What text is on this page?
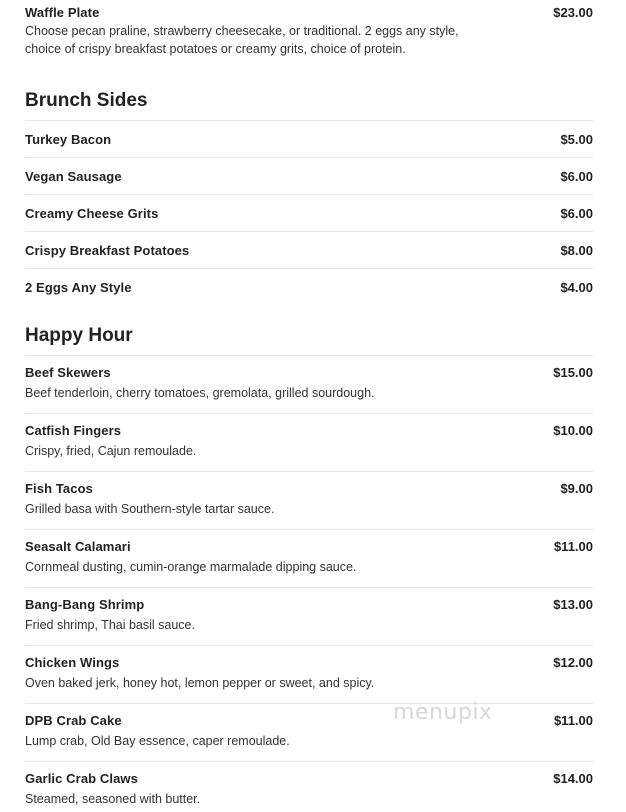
Waffle Plate	$23.00
Choose pecan praline, strawberry cheesecake, or traditional. 2 eggs any style, choice of crispy breakfast potatoes or creamy grits, choice of protein.
Brunch Sides
Turkey Bacon	$5.00
Vegan Sausage	$6.00
Creamy Cheese Grits	$6.00
Crispy Breakfast Potatoes	$8.00
2 Eggs Any Style	$4.00
Happy Hour
Beef Skewers	$15.00
Beef tenderloin, cherry tomatoes, gremolata, grilled sourdough.
Catfish Fingers	$10.00
Crispy, fried, Cajun remoulade.
Fish Tacos	$9.00
Grilled basa with Southern-style tartar sauce.
Seasalt Calamari	$11.00
Cornmeal dusting, cumin-orange marmalade dipping sauce.
Bang-Bang Shrimp	$13.00
Fried shrimp, Thai basil sauce.
Chicken Wings	$12.00
Oven baked jerk, honey hot, lemon pepper or sweet, and spicy.
DPB Crab Cake	$11.00
Lump crab, Old Bay essence, caper remoulade.
Garlic Crab Claws	$14.00
Steamed, seasoned with butter.
menupix
